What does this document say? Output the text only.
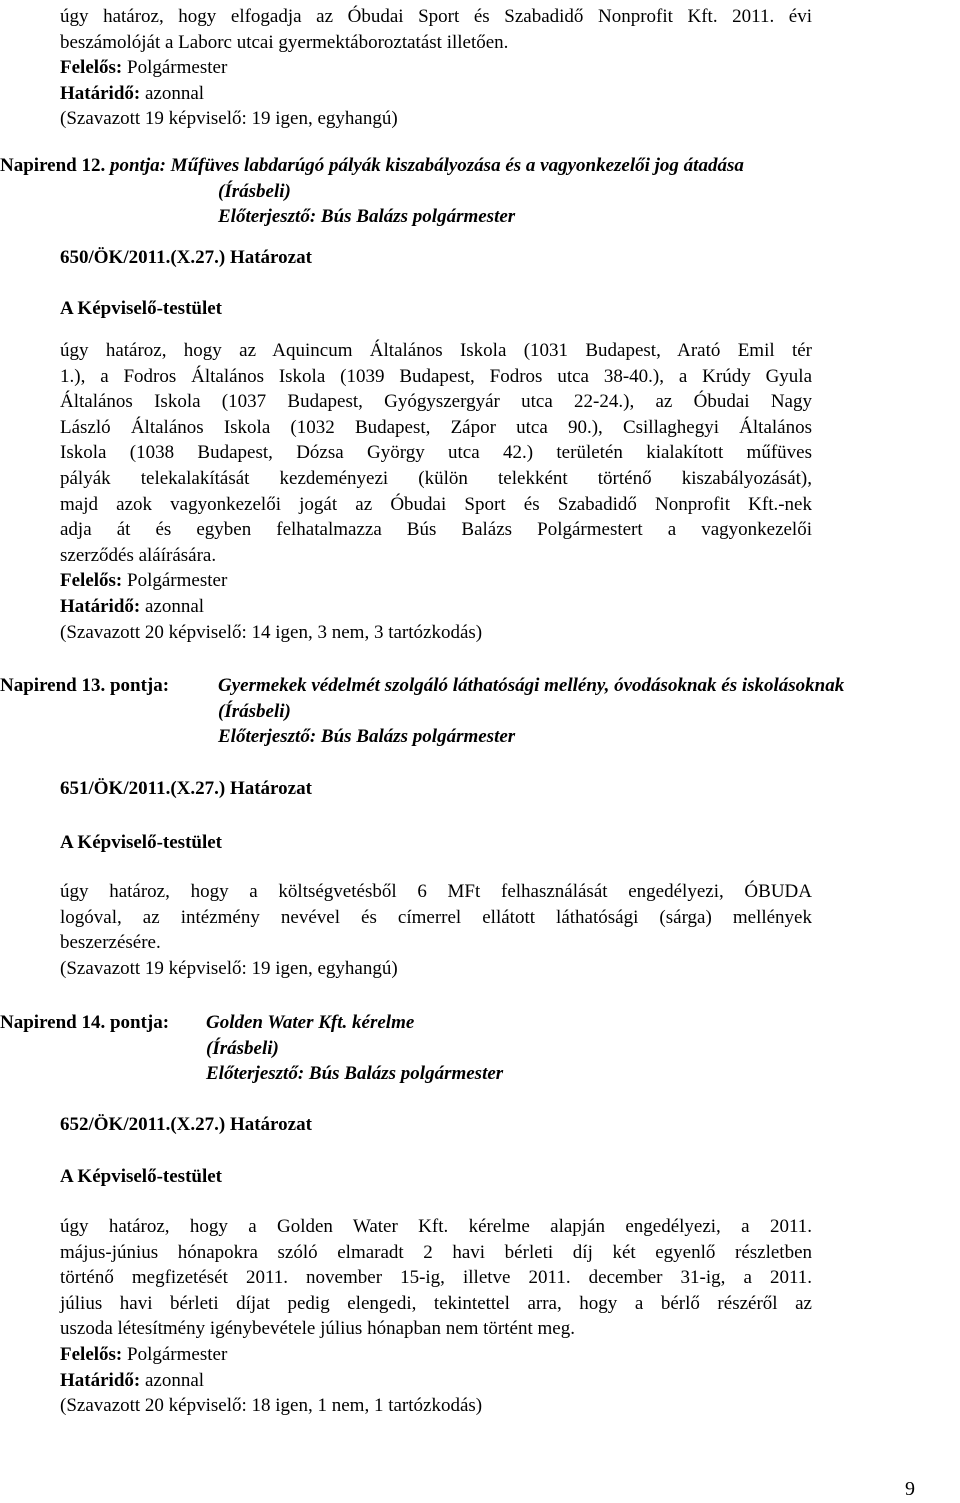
úgy határoz, hogy elfogadja az Óbudai Sport és Szabadidő Nonprofit Kft. 2011. évi
beszámolóját a Laborc utcai gyermektáboroztatást illetően.
Felelős: Polgármester
Határidő: azonnal
(Szavazott 19 képviselő: 19 igen, egyhangú)
Napirend 12. pontja: Műfüves labdarúgó pályák kiszabályozása és a vagyonkezelői jog átadása
(Írásbeli)
Előterjesztő: Bús Balázs polgármester
650/ÖK/2011.(X.27.) Határozat
A Képviselő-testület
úgy határoz, hogy az Aquincum Általános Iskola (1031 Budapest, Arató Emil tér
1.), a Fodros Általános Iskola (1039 Budapest, Fodros utca 38-40.), a Krúdy Gyula
Általános Iskola (1037 Budapest, Gyógyszergyár utca 22-24.), az Óbudai Nagy
László Általános Iskola (1032 Budapest, Zápor utca 90.), Csillaghegyi Általános
Iskola (1038 Budapest, Dózsa György utca 42.) területén kialakított műfüves
pályák telekalakítását kezdeményezi (külön telekként történő kiszabályozását),
majd azok vagyonkezelői jogát az Óbudai Sport és Szabadidő Nonprofit Kft.-nek
adja át és egyben felhatalmazza Bús Balázs Polgármestert a vagyonkezelői
szerződés aláírására.
Felelős: Polgármester
Határidő: azonnal
(Szavazott 20 képviselő: 14 igen, 3 nem, 3 tartózkodás)
Napirend 13. pontja:	Gyermekek védelmét szolgáló láthatósági mellény, óvodásoknak és iskolásoknak
(Írásbeli)
Előterjesztő: Bús Balázs polgármester
651/ÖK/2011.(X.27.) Határozat
A Képviselő-testület
úgy határoz, hogy a költségvetésből 6 MFt felhasználását engedélyezi, ÓBUDA
logóval, az intézmény nevével és címerrel ellátott láthatósági (sárga) mellények
beszerzésére.
(Szavazott 19 képviselő: 19 igen, egyhangú)
Napirend 14. pontja: Golden Water Kft. kérelme
(Írásbeli)
Előterjesztő: Bús Balázs polgármester
652/ÖK/2011.(X.27.) Határozat
A Képviselő-testület
úgy határoz, hogy a Golden Water Kft. kérelme alapján engedélyezi, a 2011.
május-június hónapokra szóló elmaradt 2 havi bérleti díj két egyenlő részletben
történő megfizetését 2011. november 15-ig, illetve 2011. december 31-ig, a 2011.
július havi bérleti díjat pedig elengedi, tekintettel arra, hogy a bérlő részéről az
uszoda létesítmény igénybevétele július hónapban nem történt meg.
Felelős: Polgármester
Határidő: azonnal
(Szavazott 20 képviselő: 18 igen, 1 nem, 1 tartózkodás)
9
